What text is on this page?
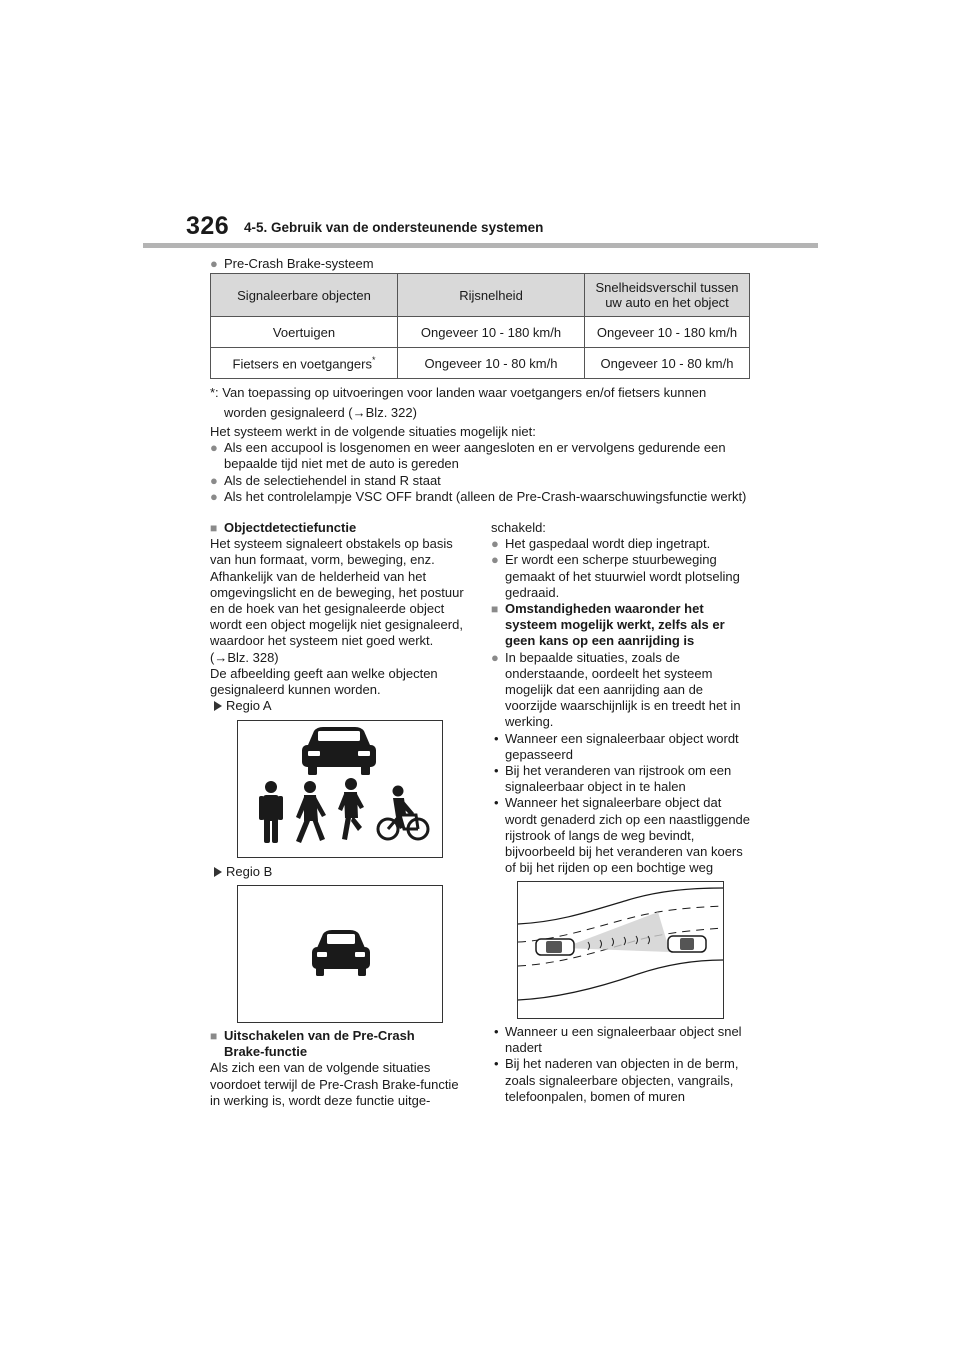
326 4-5. Gebruik van de ondersteunende systemen
● Pre-Crash Brake-systeem
Signaleerbare objecten	Rijsnelheid	Snelheidsverschil tussen
uw auto en het object
Voertuigen	Ongeveer 10 - 180 km/h	Ongeveer 10 - 180 km/h
Fietsers en voetgangers*	Ongeveer 10 - 80 km/h	Ongeveer 10 - 80 km/h
*: Van toepassing op uitvoeringen voor landen waar voetgangers en/of fietsers kunnen
worden gesignaleerd (→Blz. 322)
Het systeem werkt in de volgende situaties mogelijk niet:
● Als een accupool is losgenomen en weer aangesloten en er vervolgens gedurende een bepaalde tijd niet met de auto is gereden
● Als de selectiehendel in stand R staat
● Als het controlelampje VSC OFF brandt (alleen de Pre-Crash-waarschuwingsfunctie werkt)
■ Objectdetectiefunctie
Het systeem signaleert obstakels op basis van hun formaat, vorm, beweging, enz. Afhankelijk van de helderheid van het omgevingslicht en de beweging, het postuur en de hoek van het gesignaleerde object wordt een object mogelijk niet gesignaleerd, waardoor het systeem niet goed werkt. (→Blz. 328)
De afbeelding geeft aan welke objecten gesignaleerd kunnen worden.
Regio A
Regio B
■ Uitschakelen van de Pre-Crash
Brake-functie
Als zich een van de volgende situaties voordoet terwijl de Pre-Crash Brake-functie in werking is, wordt deze functie uitge-
schakeld:
● Het gaspedaal wordt diep ingetrapt.
● Er wordt een scherpe stuurbeweging gemaakt of het stuurwiel wordt plotseling gedraaid.
■ Omstandigheden waaronder het systeem mogelijk werkt, zelfs als er geen kans op een aanrijding is
● In bepaalde situaties, zoals de onderstaande, oordeelt het systeem mogelijk dat een aanrijding aan de voorzijde waarschijnlijk is en treedt het in werking.
• Wanneer een signaleerbaar object wordt gepasseerd
• Bij het veranderen van rijstrook om een signaleerbaar object in te halen
• Wanneer het signaleerbare object dat wordt genaderd zich op een naastliggende rijstrook of langs de weg bevindt, bijvoorbeeld bij het veranderen van koers of bij het rijden op een bochtige weg
• Wanneer u een signaleerbaar object snel nadert
• Bij het naderen van objecten in de berm, zoals signaleerbare objecten, vangrails, telefoonpalen, bomen of muren
